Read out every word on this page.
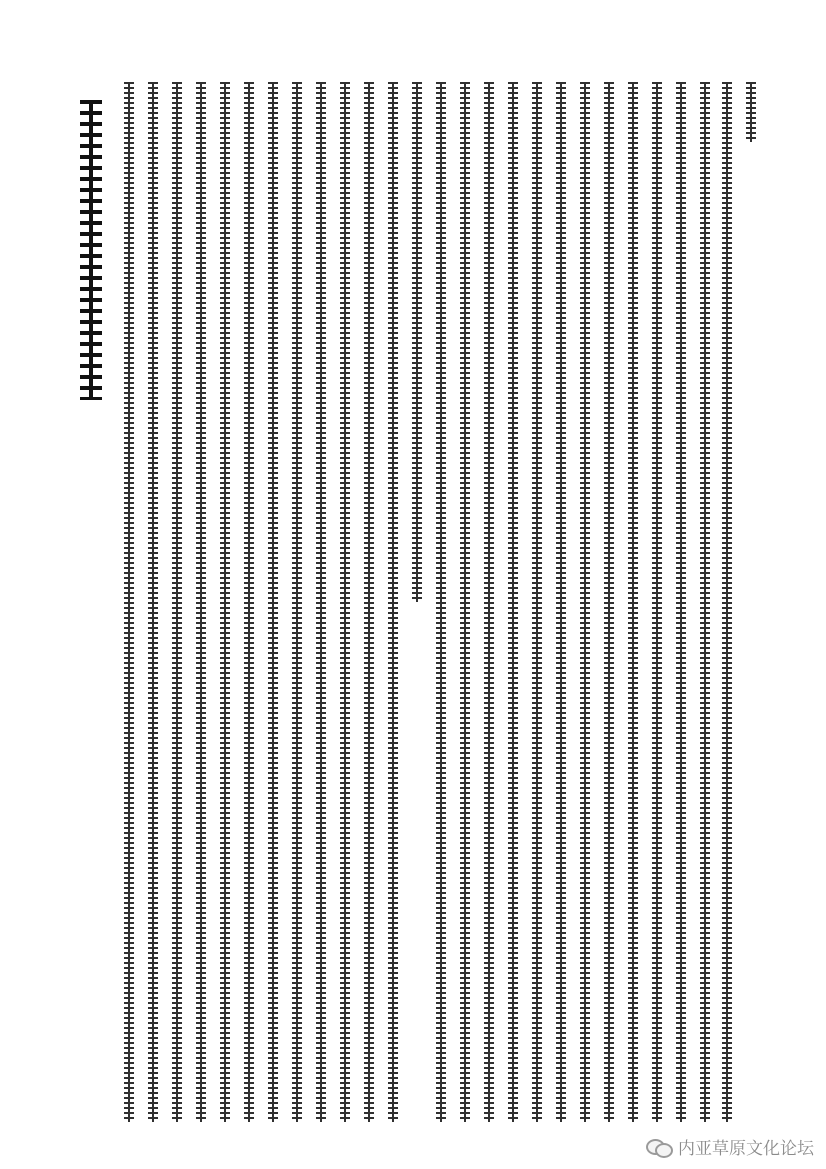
内亚草原文化论坛
